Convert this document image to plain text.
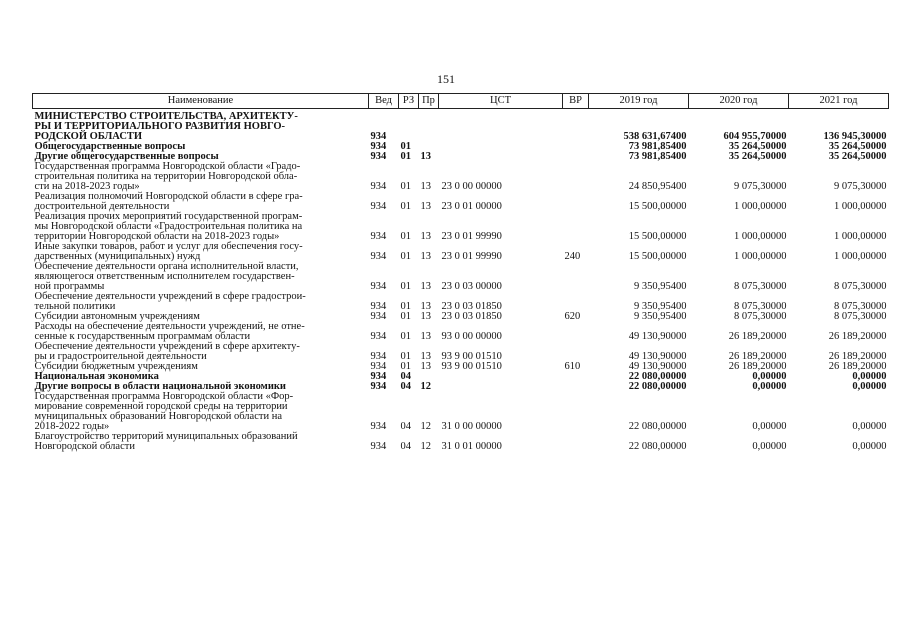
151
Наименование	Вед	РЗ	Пр	ЦСТ	ВР	2019 год	2020 год	2021 год
МИНИСТЕРСТВО СТРОИТЕЛЬСТВА, АРХИТЕКТУ-
РЫ И ТЕРРИТОРИАЛЬНОГО РАЗВИТИЯ НОВГО-
РОДСКОЙ ОБЛАСТИ	934					538 631,67400	604 955,70000	136 945,30000
Общегосударственные вопросы	934	01				73 981,85400	35 264,50000	35 264,50000
Другие общегосударственные вопросы	934	01	13			73 981,85400	35 264,50000	35 264,50000
Государственная программа Новгородской области «Градо-
строительная политика на территории Новгородской обла-
сти на 2018-2023 годы»	934	01	13	23 0 00 00000		24 850,95400	9 075,30000	9 075,30000
Реализация полномочий Новгородской области в сфере гра-
достроительной деятельности	934	01	13	23 0 01 00000		15 500,00000	1 000,00000	1 000,00000
Реализация прочих мероприятий государственной програм-
мы Новгородской области «Градостроительная политика на
территории Новгородской области на 2018-2023 годы»	934	01	13	23 0 01 99990		15 500,00000	1 000,00000	1 000,00000
Иные закупки товаров, работ и услуг для обеспечения госу-
дарственных (муниципальных) нужд	934	01	13	23 0 01 99990	240	15 500,00000	1 000,00000	1 000,00000
Обеспечение деятельности органа исполнительной власти,
являющегося ответственным исполнителем государствен-
ной программы	934	01	13	23 0 03 00000		9 350,95400	8 075,30000	8 075,30000
Обеспечение деятельности учреждений в сфере градострои-
тельной политики	934	01	13	23 0 03 01850		9 350,95400	8 075,30000	8 075,30000
Субсидии автономным учреждениям	934	01	13	23 0 03 01850	620	9 350,95400	8 075,30000	8 075,30000
Расходы на обеспечение деятельности учреждений, не отне-
сенные к государственным программам области	934	01	13	93 0 00 00000		49 130,90000	26 189,20000	26 189,20000
Обеспечение деятельности учреждений в сфере архитекту-
ры и градостроительной деятельности	934	01	13	93 9 00 01510		49 130,90000	26 189,20000	26 189,20000
Субсидии бюджетным учреждениям	934	01	13	93 9 00 01510	610	49 130,90000	26 189,20000	26 189,20000
Национальная экономика	934	04				22 080,00000	0,00000	0,00000
Другие вопросы в области национальной экономики	934	04	12			22 080,00000	0,00000	0,00000
Государственная программа Новгородской области «Фор-
мирование современной городской среды на территории
муниципальных образований Новгородской области на
2018-2022 годы»	934	04	12	31 0 00 00000		22 080,00000	0,00000	0,00000
Благоустройство территорий муниципальных образований
Новгородской области	934	04	12	31 0 01 00000		22 080,00000	0,00000	0,00000
